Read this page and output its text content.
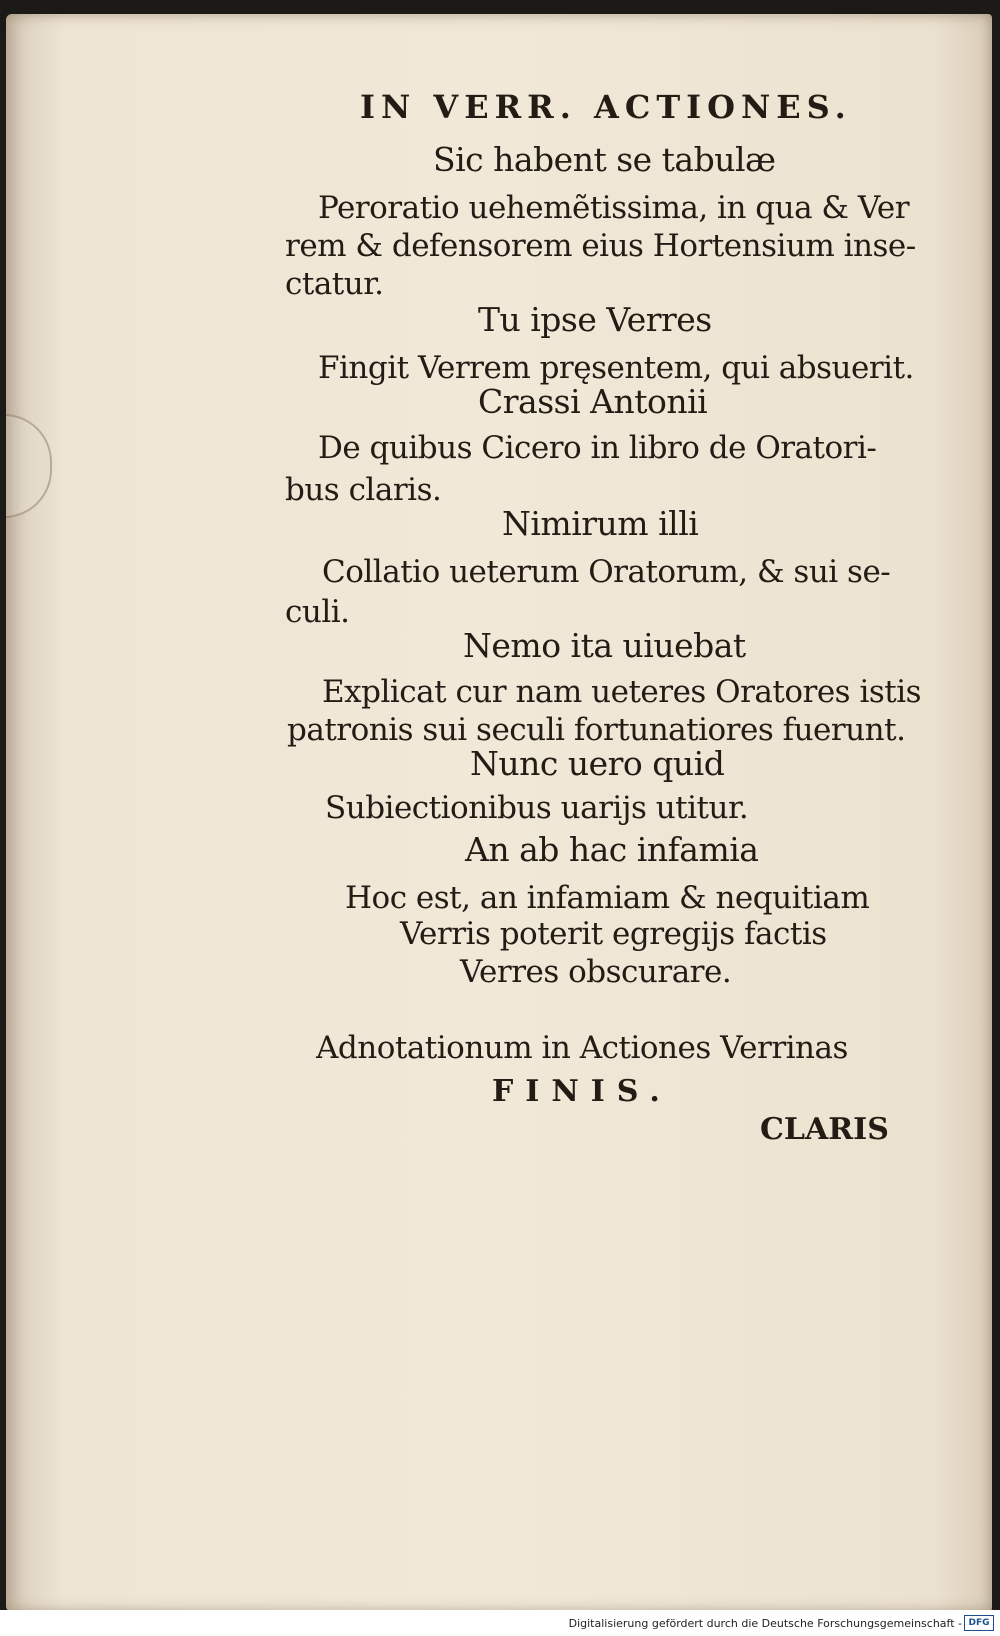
IN VERR. ACTIONES.
Sic habent se tabulæ
Peroratio uehemẽtissima, in qua & Ver
rem & defensorem eius Hortensium inse-
ctatur.
Tu ipse Verres
Fingit Verrem pręsentem, qui absuerit.
Crassi Antonii
De quibus Cicero in libro de Oratori-
bus claris.
Nimirum illi
Collatio ueterum Oratorum, & sui se-
culi.
Nemo ita uiuebat
Explicat cur nam ueteres Oratores istis
patronis sui seculi fortunatiores fuerunt.
Nunc uero quid
Subiectionibus uarijs utitur.
An ab hac infamia
Hoc est, an infamiam & nequitiam
Verris poterit egregijs factis
Verres obscurare.
Adnotationum in Actiones Verrinas
FINIS.
CLARIS
Digitalisierung gefördert durch die Deutsche Forschungsgemeinschaft - DFG
